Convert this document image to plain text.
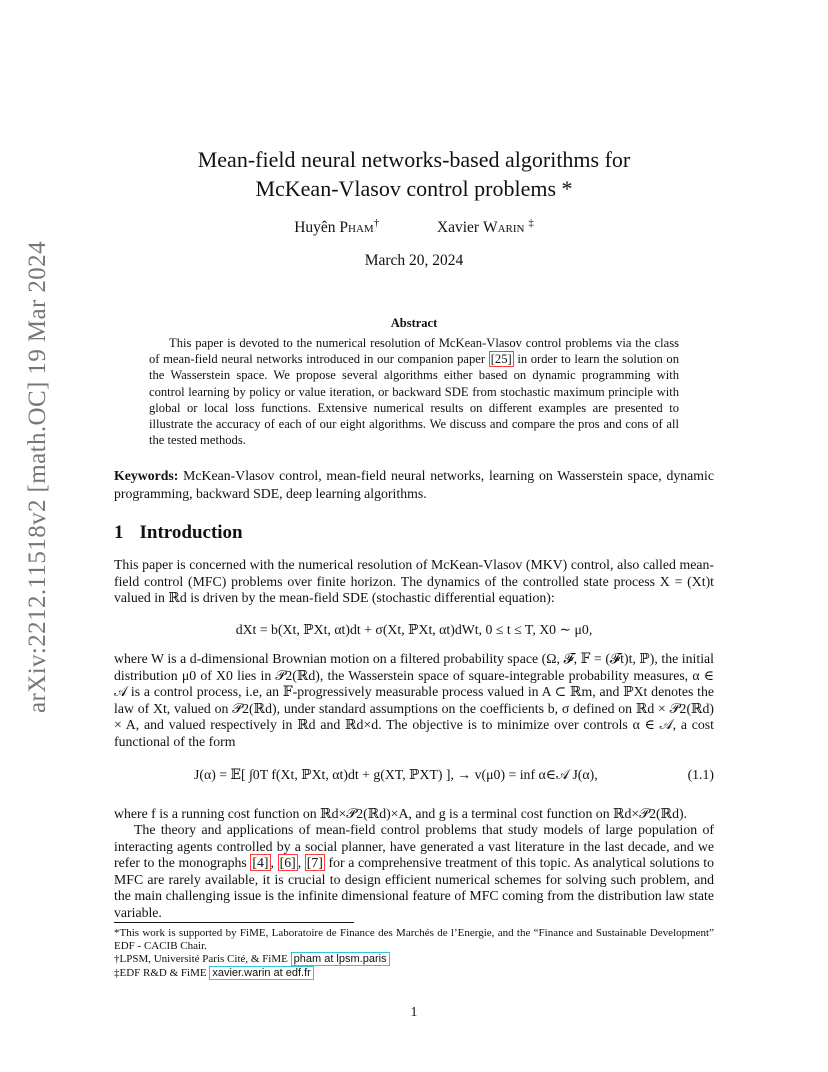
arXiv:2212.11518v2 [math.OC] 19 Mar 2024
Mean-field neural networks-based algorithms for
McKean-Vlasov control problems *
Huyên Pham†	Xavier Warin ‡
March 20, 2024
Abstract

This paper is devoted to the numerical resolution of McKean-Vlasov control problems via the class of mean-field neural networks introduced in our companion paper [25] in order to learn the solution on the Wasserstein space. We propose several algorithms either based on dynamic programming with control learning by policy or value iteration, or backward SDE from stochastic maximum principle with global or local loss functions. Extensive numerical results on different examples are presented to illustrate the accuracy of each of our eight algorithms. We discuss and compare the pros and cons of all the tested methods.

Keywords: McKean-Vlasov control, mean-field neural networks, learning on Wasserstein space, dynamic programming, backward SDE, deep learning algorithms.

1 Introduction

This paper is concerned with the numerical resolution of McKean-Vlasov (MKV) control, also called mean-field control (MFC) problems over finite horizon. The dynamics of the controlled state process X = (Xt)t valued in ℝd is driven by the mean-field SDE (stochastic differential equation):

dXt = b(Xt, ℙXt, αt)dt + σ(Xt, ℙXt, αt)dWt, 0 ≤ t ≤ T, X0 ∼ μ0,

where W is a d-dimensional Brownian motion on a filtered probability space (Ω, 𝓕, 𝔽 = (𝓕t)t, ℙ), the initial distribution μ0 of X0 lies in 𝒫2(ℝd), the Wasserstein space of square-integrable probability measures, α ∈ 𝒜 is a control process, i.e, an 𝔽-progressively measurable process valued in A ⊂ ℝm, and ℙXt denotes the law of Xt, valued on 𝒫2(ℝd), under standard assumptions on the coefficients b, σ defined on ℝd × 𝒫2(ℝd) × A, and valued respectively in ℝd and ℝd×d. The objective is to minimize over controls α ∈ 𝒜, a cost functional of the form

J(α) = 𝔼[ ∫0T f(Xt, ℙXt, αt)dt + g(XT, ℙXT) ], → v(μ0) = inf α∈𝒜 J(α),	(1.1)

where f is a running cost function on ℝd×𝒫2(ℝd)×A, and g is a terminal cost function on ℝd×𝒫2(ℝd).

The theory and applications of mean-field control problems that study models of large population of interacting agents controlled by a social planner, have generated a vast literature in the last decade, and we refer to the monographs [4] , [6] , [7] for a comprehensive treatment of this topic. As analytical solutions to MFC are rarely available, it is crucial to design efficient numerical schemes for solving such problem, and the main challenging issue is the infinite dimensional feature of MFC coming from the distribution law state variable.

*This work is supported by FiME, Laboratoire de Finance des Marchés de l’Energie, and the “Finance and Sustainable Development” EDF - CACIB Chair.

†LPSM, Université Paris Cité, & FiME pham at lpsm.paris

‡EDF R&D & FiME xavier.warin at edf.fr

1
